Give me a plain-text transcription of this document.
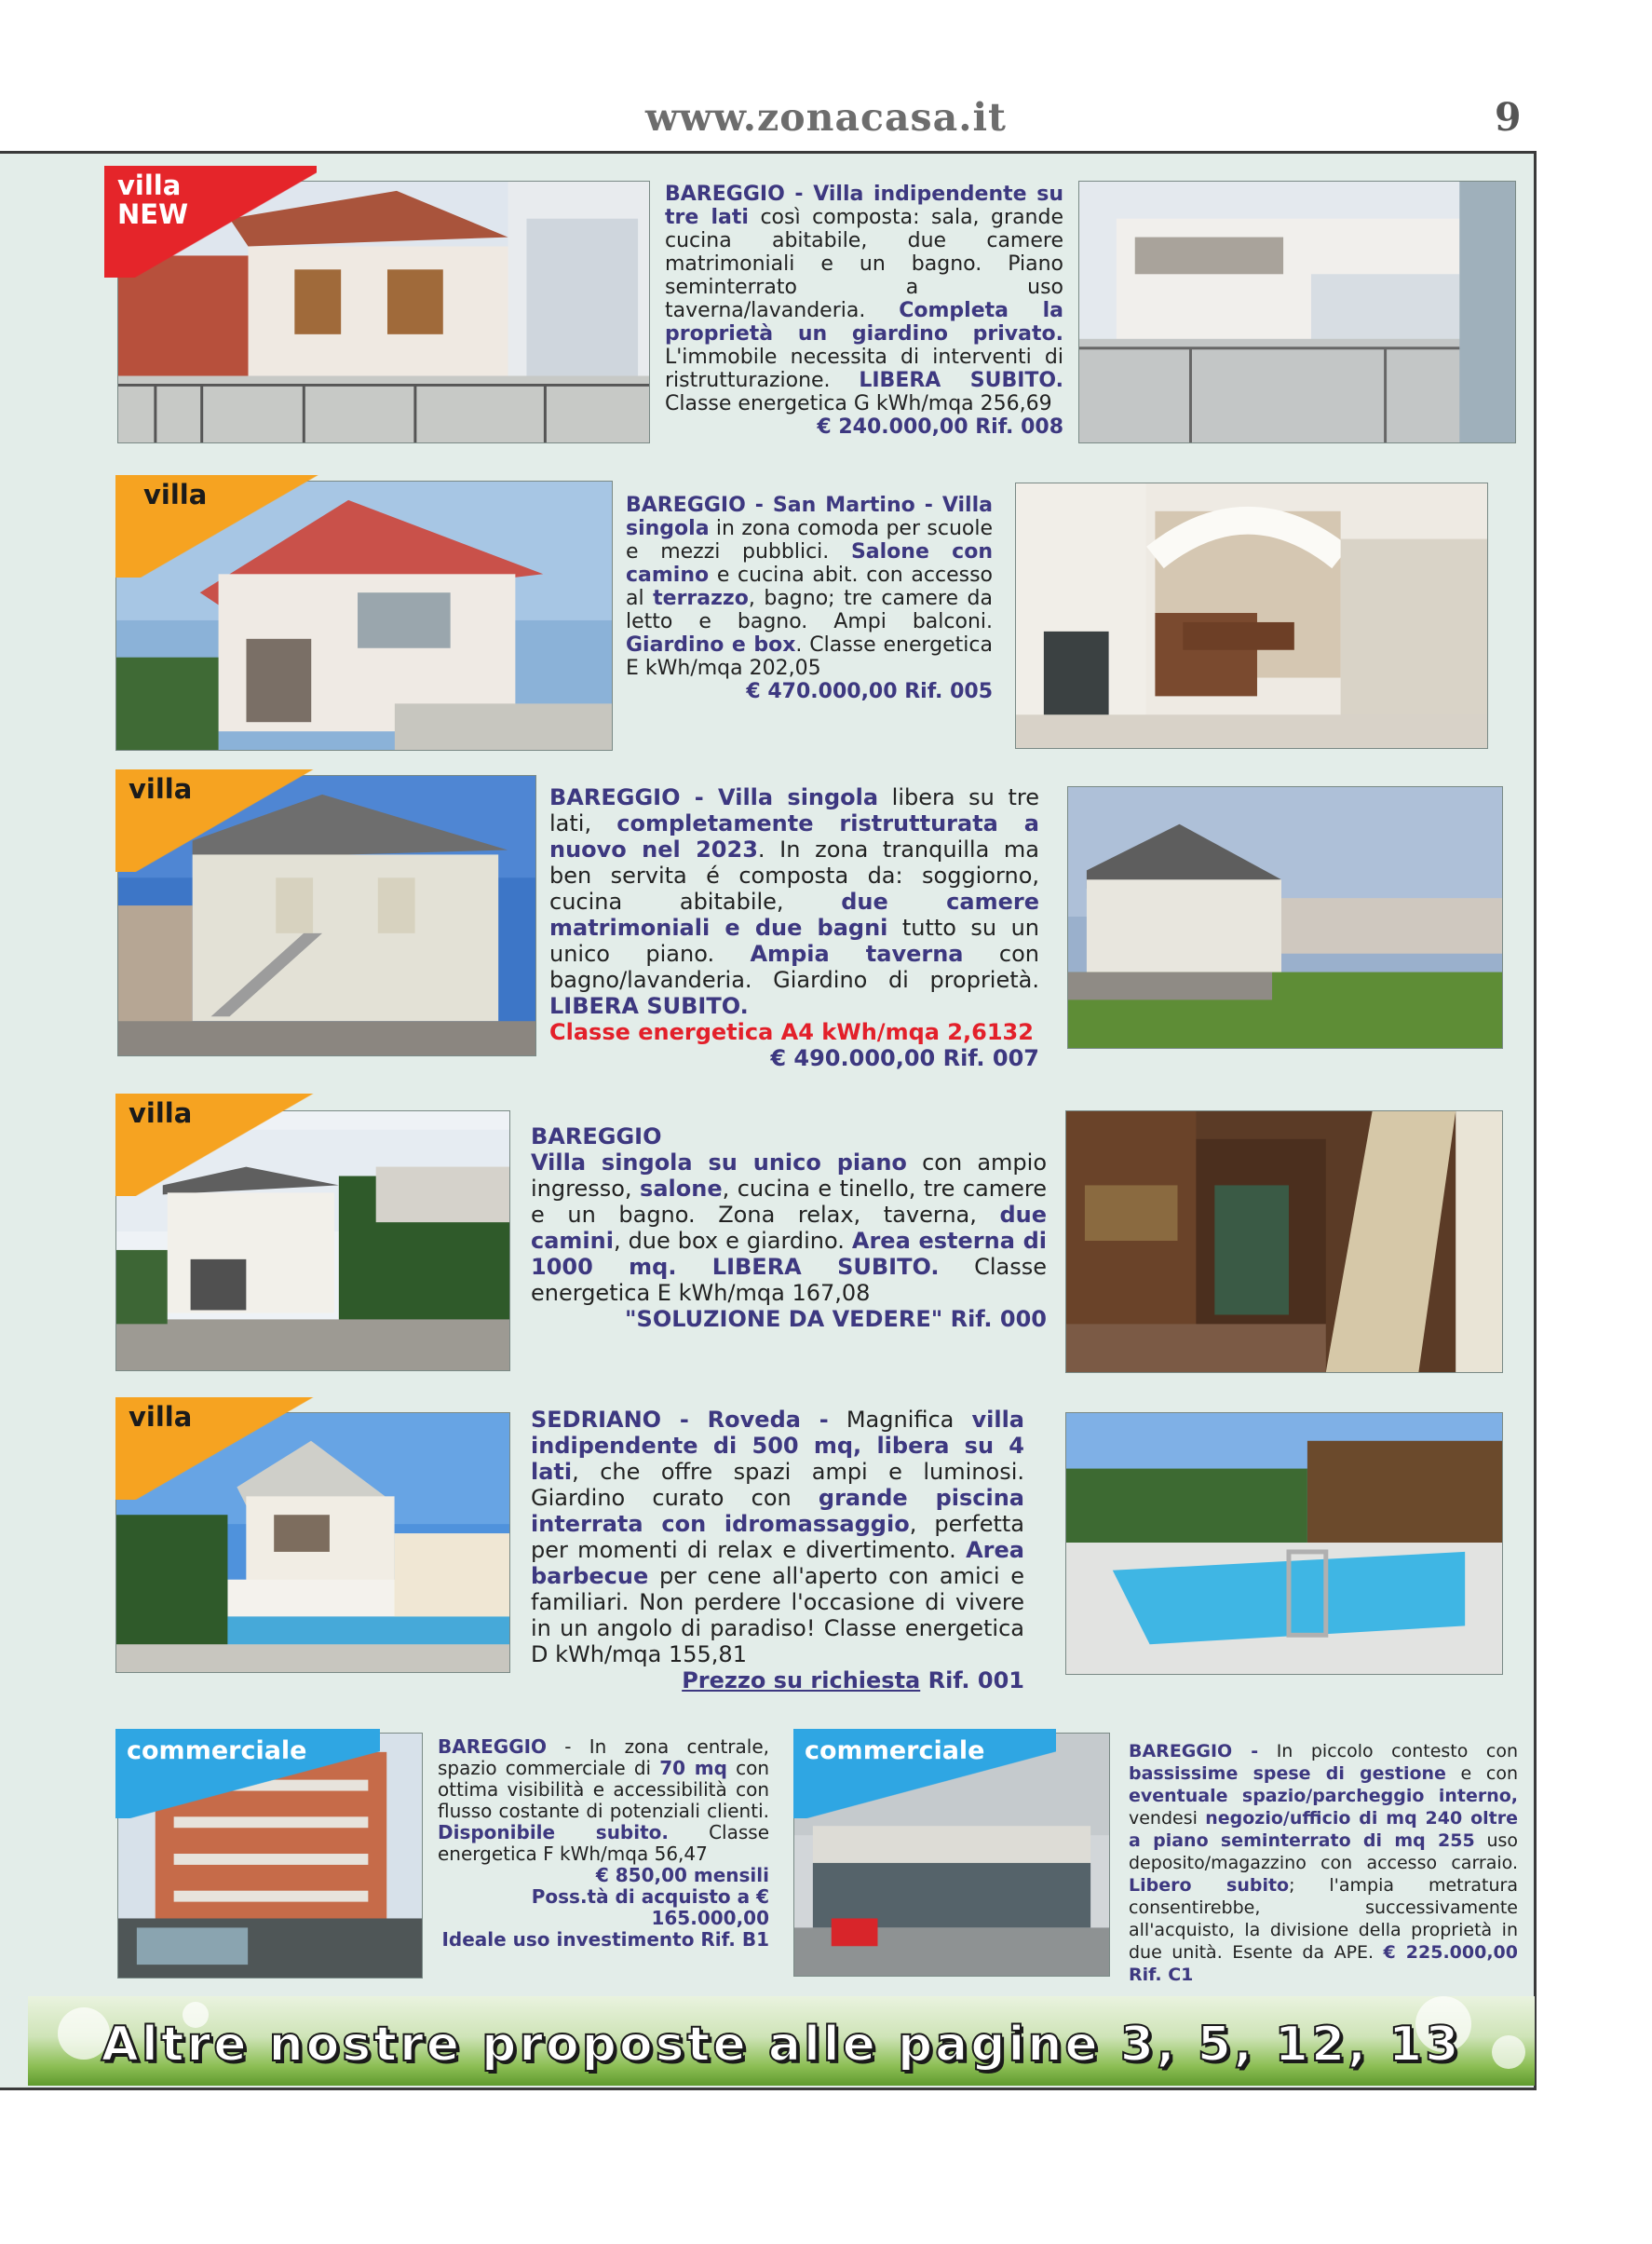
www.zonacasa.it	9
villa
NEW
BAREGGIO - Villa indipendente su tre lati così composta: sala, grande cucina abitabile, due camere matrimoniali e un bagno. Piano seminterrato a uso taverna/lavanderia. Completa la proprietà un giardino privato. L'immobile necessita di interventi di ristrutturazione. LIBERA SUBITO. Classe energetica G kWh/mqa 256,69
€ 240.000,00 Rif. 008
villa	BAREGGIO - San Martino - Villa singola in zona comoda per scuole e mezzi pubblici. Salone con camino e cucina abit. con accesso al terrazzo, bagno; tre camere da letto e bagno. Ampi balconi. Giardino e box. Classe energetica E kWh/mqa 202,05
€ 470.000,00 Rif. 005
villa	BAREGGIO - Villa singola libera su tre lati, completamente ristrutturata a nuovo nel 2023. In zona tranquilla ma ben servita é composta da: soggiorno, cucina abitabile, due camere matrimoniali e due bagni tutto su un unico piano. Ampia taverna con bagno/lavanderia. Giardino di proprietà. LIBERA SUBITO.
Classe energetica A4 kWh/mqa 2,6132
€ 490.000,00 Rif. 007
villa
BAREGGIO
Villa singola su unico piano con ampio ingresso, salone, cucina e tinello, tre camere e un bagno. Zona relax, taverna, due camini, due box e giardino. Area esterna di 1000 mq. LIBERA SUBITO. Classe energetica E kWh/mqa 167,08
"SOLUZIONE DA VEDERE" Rif. 000
villa	SEDRIANO - Roveda - Magnifica villa indipendente di 500 mq, libera su 4 lati, che offre spazi ampi e luminosi. Giardino curato con grande piscina interrata con idromassaggio, perfetta per momenti di relax e divertimento. Area barbecue per cene all'aperto con amici e familiari. Non perdere l'occasione di vivere in un angolo di paradiso! Classe energetica D kWh/mqa 155,81
Prezzo su richiesta Rif. 001
commerciale	BAREGGIO - In zona centrale, spazio commerciale di 70 mq con ottima visibilità e accessibilità con flusso costante di potenziali clienti. Disponibile subito. Classe energetica F kWh/mqa 56,47
€ 850,00 mensili
Poss.tà di acquisto a € 165.000,00
Ideale uso investimento Rif. B1
commerciale	BAREGGIO - In piccolo contesto con bassissime spese di gestione e con eventuale spazio/parcheggio interno, vendesi negozio/ufficio di mq 240 oltre a piano seminterrato di mq 255 uso deposito/magazzino con accesso carraio. Libero subito; l'ampia metratura consentirebbe, successivamente all'acquisto, la divisione della proprietà in due unità. Esente da APE. € 225.000,00 Rif. C1
Altre nostre proposte alle pagine 3, 5, 12, 13
